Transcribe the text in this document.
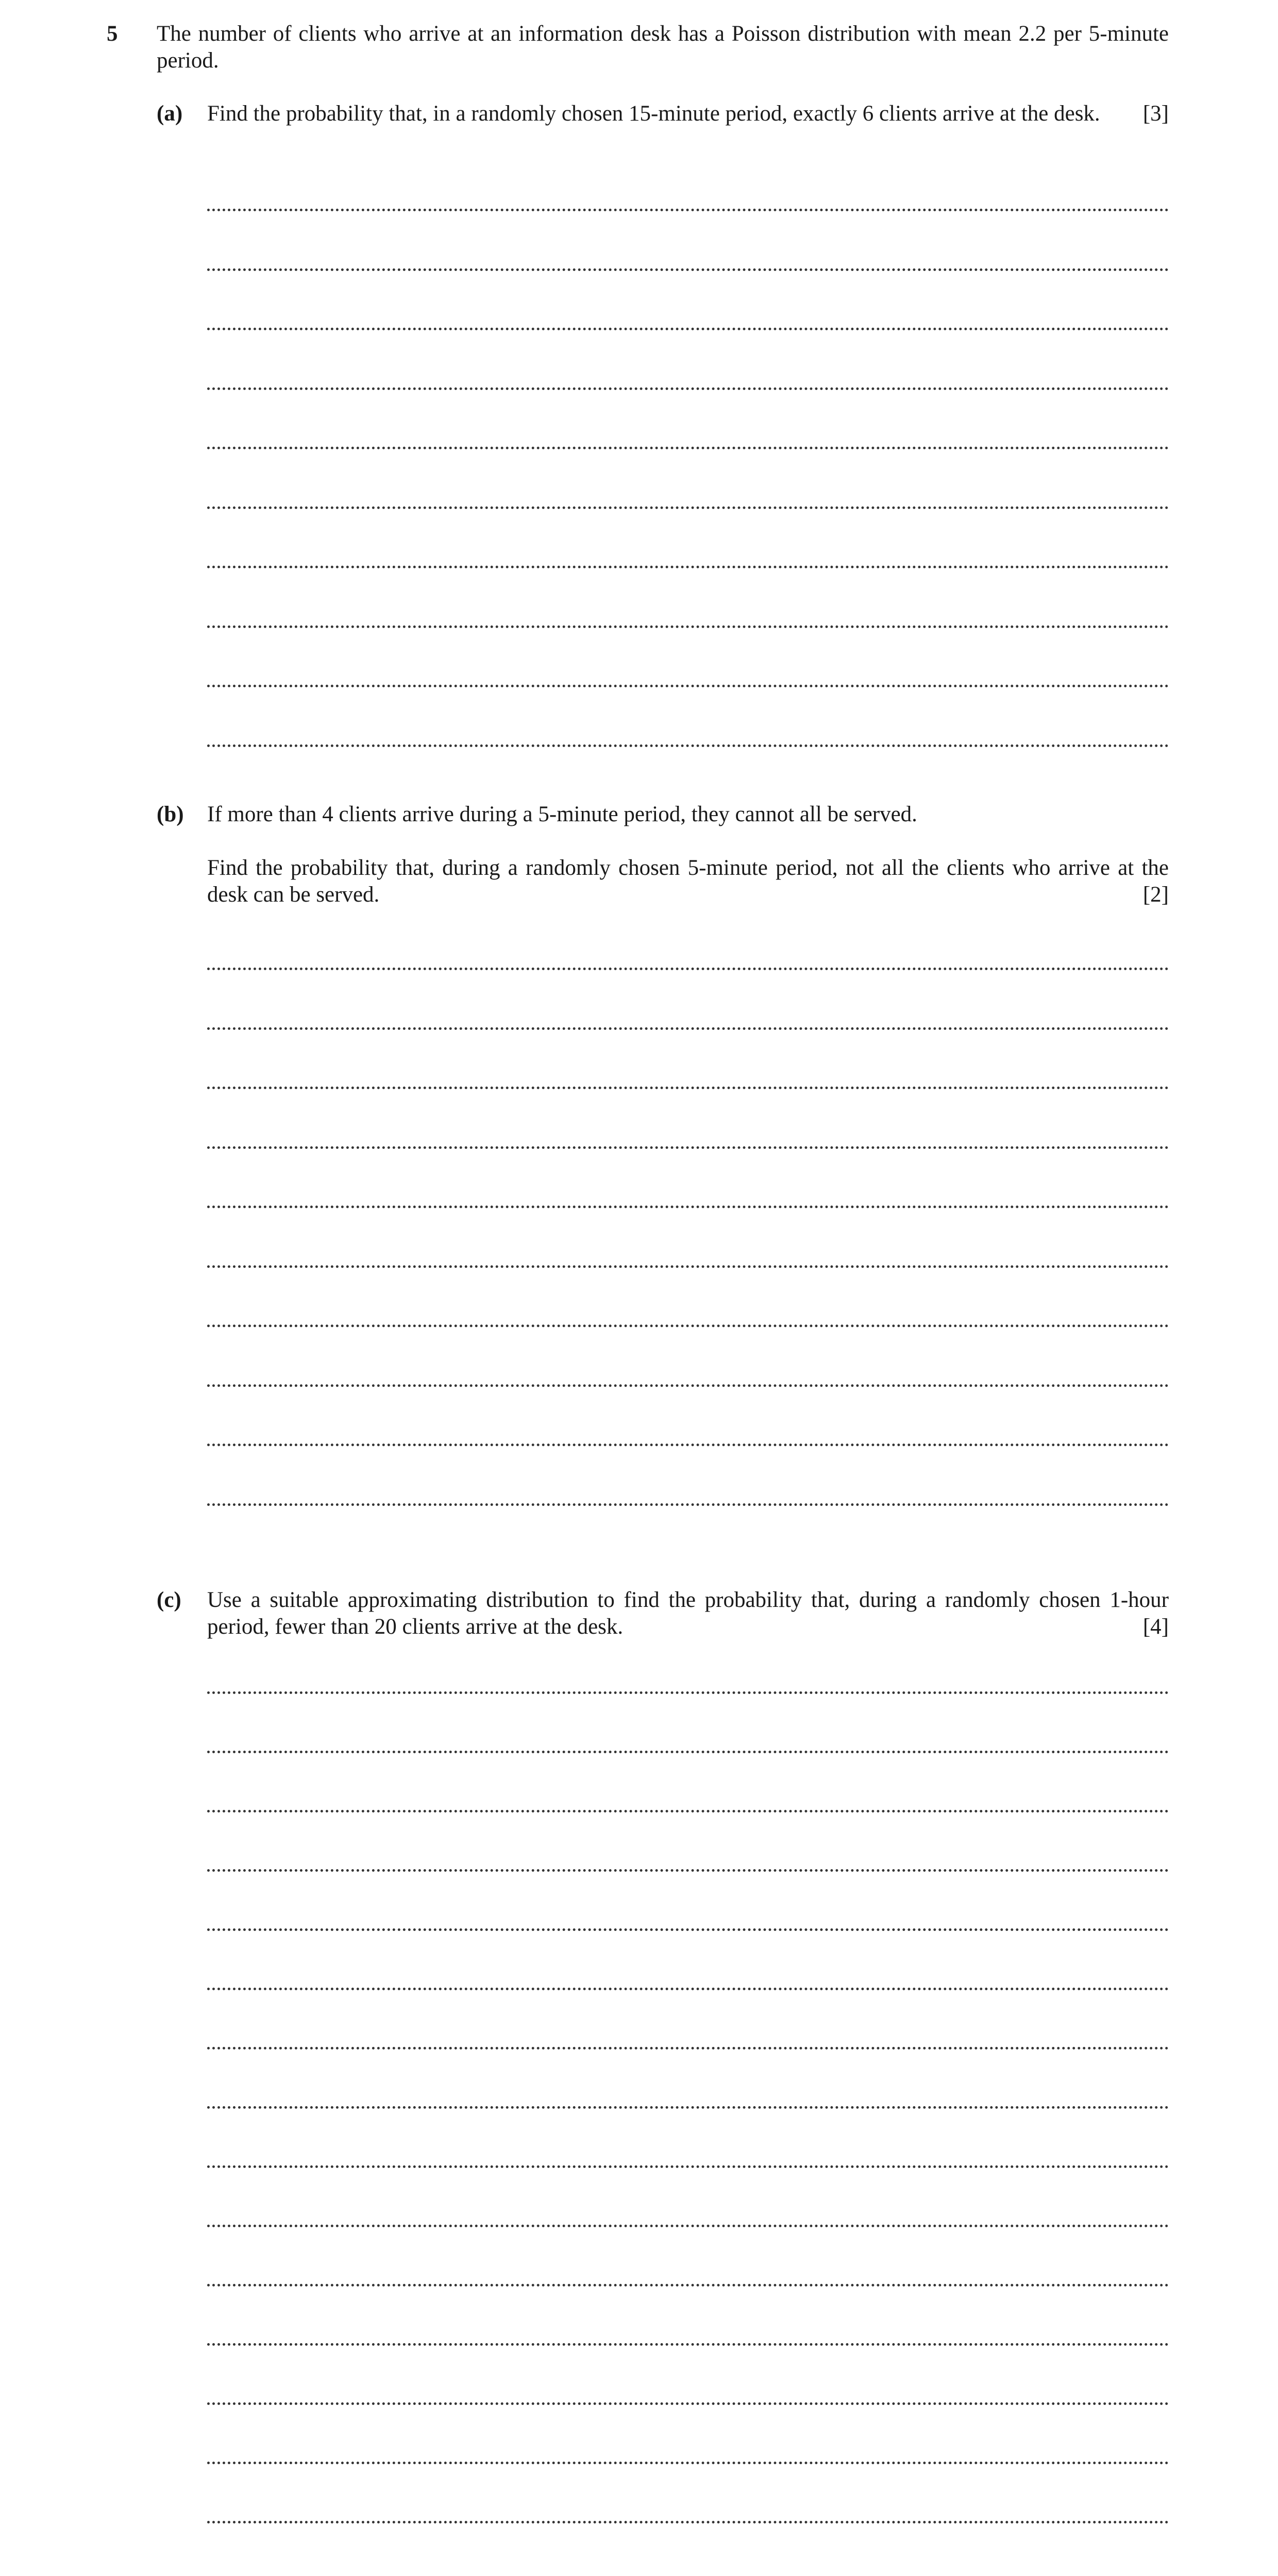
5 The number of clients who arrive at an information desk has a Poisson distribution with mean 2.2 per 5-minute period.
(a) Find the probability that, in a randomly chosen 15-minute period, exactly 6 clients arrive at the desk.	[3]
(b) If more than 4 clients arrive during a 5-minute period, they cannot all be served.

Find the probability that, during a randomly chosen 5-minute period, not all the clients who arrive at the desk can be served.	[2]
(c) Use a suitable approximating distribution to find the probability that, during a randomly chosen 1-hour period, fewer than 20 clients arrive at the desk.	[4]
